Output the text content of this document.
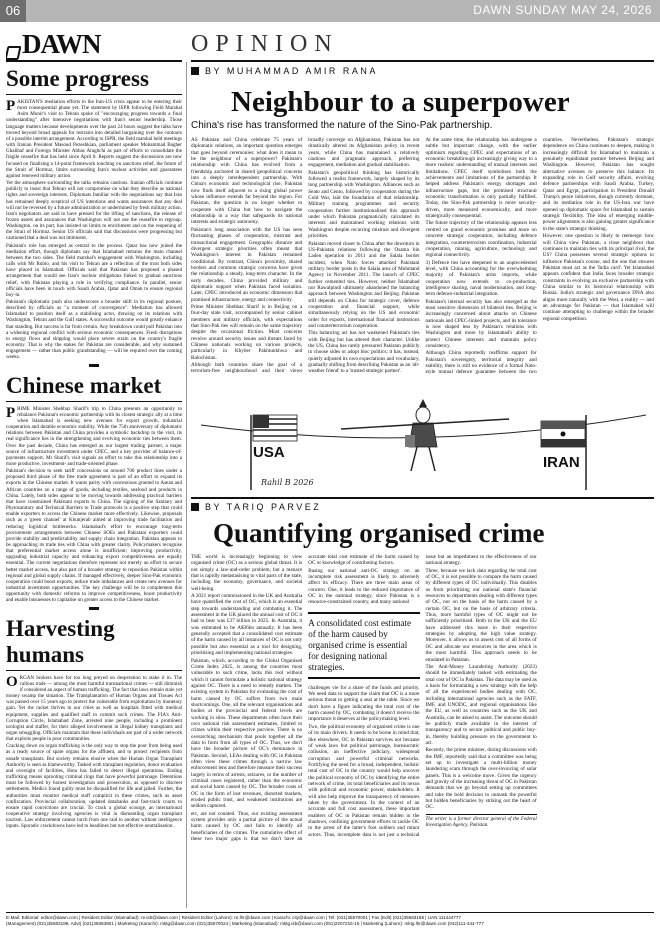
06	DAWN SUNDAY MAY 24, 2026
DAWN
Some progress
P AKISTAN'S mediation efforts in the Iran-US crisis appear to be entering their most consequential phase yet. The statement by ISPR following Field Marshal Asim Munir's visit to Tehran spoke of "encouraging progress towards a final understanding" after intensive negotiations with Iran's senior leadership. Those language matters because developments over the past 24 hours suggest the talks have moved beyond broad appeals for restraint into detailed bargaining over the contours of a possible interim arrangement. According to ISPR, the field marshal held meetings with Iranian President Masoud Pezeshkian, parliament speaker Mohammad Bagher Ghalibaf and Foreign Minister Abbas Araghchi as part of efforts to consolidate the fragile ceasefire that has held since April 8. Reports suggest the discussions are now focused on finalising a 14-point framework touching on sanctions relief, the future of the Strait of Hormuz, limits surrounding Iran's nuclear activities and guarantees against renewed military action.

Yet the atmosphere surrounding the talks remains cautious. Iranian officials continue publicly to insist that Tehran will not compromise on what they describe as national rights and sovereign interests. Diplomats familiar with the negotiations say that Iran has remained deeply sceptical of US intentions and wants assurances that any deal will not be reversed by a future administration or undermined by fresh military action. Iran's negotiators are said to have pressed for the lifting of sanctions, the release of frozen assets and assurances that Washington will not use the ceasefire to regroup. Washington, on its part, has insisted on limits to enrichment and on the reopening of the Strait of Hormuz. Senior US officials said that discussions were progressing but cautioned that a deal was not imminent.

Pakistan's role has emerged as central to the process. Qatar has now joined the mediation effort, though diplomats say that Islamabad remains the main channel between the two sides. The field marshal's engagement with Washington, including calls with Mr Rubio, and his visit to Tehran are a reflection of the trust both sides have placed in Islamabad. Officials said that Pakistan has proposed a phased arrangement that would see Iran's nuclear obligations linked to gradual sanctions relief, with Pakistan playing a role in verifying compliance. In parallel, senior officials have been in touch with Saudi Arabia, Qatar and Oman to ensure regional buy-in.

Pakistan's diplomatic push also underscores a broader shift in its regional posture, described by officials as "a moment of convergence". Mediation has allowed Islamabad to position itself as a stabilising actor, drawing on its relations with Washington, Tehran and the Gulf states. A successful outcome would greatly enhance that standing. But success is far from certain. Any breakdown could pull Pakistan into a widening regional conflict with serious economic consequences. Fresh disruptions to energy flows and shipping would place severe strain on the country's fragile economy. That is why the stakes for Pakistan are considerable, and why sustained engagement — rather than public grandstanding — will be required over the coming weeks.

Chinese market
P RIME Minister Shehbaz Sharif's trip to China presents an opportunity to rebalance Pakistan's economic partnership with its closest strategic ally at a time when Islamabad is seeking new avenues for export growth, industrial cooperation and durable economic stability. While the 75th anniversary of diplomatic relations between Pakistan and China provides a symbolic backdrop to the visit, its real significance lies in the strengthening and evolving economic ties between them. Over the past decade, China has emerged as our largest trading partner, a major source of infrastructure investment under CPEC, and a key provider of balance-of-payments support. Mr Sharif's visit signals an effort to take this relationship into a more productive, investment- and trade-oriented phase.

Pakistan's decision to seek tariff concessions on around 700 product lines under a proposed third phase of the free trade agreement is part of an effort to expand its exports in the Chinese market. It wants parity with concessions granted to Asean and African countries on a range of goods, including textiles, seafood and products in China. Lately, both sides appear to be moving towards addressing practical barriers that have constrained Pakistani exports to China. The signing of the Sanitary and Phytosanitary and Technical Barriers to Trade protocols is a positive step that could enable exporters to access the Chinese market more effectively. Likewise, proposals such as a 'green channel' at Khunjerab aimed at improving trade facilitation and reducing logistical bottlenecks. Islamabad's effort to encourage long-term procurement arrangements between Chinese SOEs and Pakistani exporters could provide stability and predictability and supply chain integration. Pakistan appears to be approaching its trade ties with China with greater clarity. Policymakers recognise that preferential market access alone is insufficient; improving productivity, upgrading industrial capacity and enhancing export competitiveness are equally essential. The current negotiations therefore represent not merely an effort to secure better market access, but also part of a broader strategy to reposition Pakistan within regional and global supply chains. If managed effectively, deeper Sino-Pak economic cooperation could boost exports, reduce trade imbalances and create new avenues for industrial investment opportunities. The key challenge will be to complement this opportunity with domestic reforms to improve competitiveness, boost productivity and enable businesses to capitalise on greater access to the Chinese market.

Harvesting humans
O RGAN brokers have for too long preyed on desperation to stake it in. The callous trade — among the most harmful transnational crimes — still diminish if considered an aspect of human trafficking. The fact that laws remain stale yet money swamp the situation. The Transplantation of Human Organs and Tissues Act was passed over 15 years ago to protect the vulnerable from exploitation by monetary gain. Yet the racket thrives in our cities as well as hospitals fitted with medical equipment, supplies and qualified staff to commit such crimes. The FIA's Anti-Corruption Circle, Islamabad Zone, arrested nine people, including a prominent urologist and staffer, for their alleged involvement in illegal kidney transplants and organ smuggling. Officials maintain that these individuals are part of a wider network that exploits people in poor communities.

Cracking down on organ trafficking is the only way to stop the poor from being used as a ready source of spare organs for the affluent, and to protect recipients from unsafe transplants. But society remains elusive when the Human Organ Transplant Authority is seen as blameworthy. Tasked with transplant regulation, donor evaluation and oversight of facilities, Hota has failed to detect illegal operations. Ending trafficking means uprooting criminal rings that have powerful patronage. Detentions must be followed by honest investigation and prosecution, as opposed to discreet settlements. Medics found guilty must be disqualified for life and jailed. Further, the authorities must monitor medical staff complicit in these crimes, such as asset confiscation. Provincial collaboration, updated databanks and fast-track courts to ensure rapid convictions are crucial. To crack a global scourge, an international cooperative strategy involving agencies is vital in dismantling organ transplant tourism. Law enforcement cannot lurch from one raid to another without intelligence inputs. Sporadic crackdowns have led to headlines but not effective neutralisation.

OPINION
BY MUHAMMAD AMIR RANA
Neighbour to a superpower
China's rise has transformed the nature of the Sino-Pak partnership.

AS Pakistan and China celebrate 75 years of diplomatic relations, an important question emerges that goes beyond ceremonies: what does it mean to be the neighbour of a superpower? Pakistan's relationship with China has evolved from a friendship anchored in shared geopolitical concerns into a deeply interdependent partnership. With China's economic and technological rise, Pakistan now finds itself adjacent to a rising global power whose influence extends far beyond the region. For Pakistan, the question is no longer whether to cooperate with China but how to navigate the relationship in a way that safeguards its national interests and strategic autonomy.

Pakistan's long association with the US has seen fluctuating phases of cooperation, mistrust and transactional engagement. Geographic distance and divergent strategic priorities often meant that Washington's interest in Pakistan remained conditional. By contrast, China's proximity, shared borders and common strategic concerns have given the relationship a steady, long-term character. In the early decades, China provided military and diplomatic support when Pakistan faced isolation. Later, CPEC introduced an economic dimension that promised infrastructure, energy and connectivity.

Prime Minister Shehbaz Sharif is in Beijing on a four-day state visit, accompanied by senior cabinet members and military officials, with expectations that Sino-Pak ties will remain on the same trajectory despite the occasional friction. Most concerns revolve around security issues and threats faced by Chinese nationals working on various projects, particularly in Khyber Pakhtunkhwa and Balochistan.

Although both countries share the goal of a terrorism-free neighbourhood and their views broadly converge on Afghanistan, Pakistan has not drastically altered its Afghanistan policy in recent years, while China has maintained a relatively cautious and pragmatic approach, preferring engagement, mediation and gradual stabilisation.

Pakistan's geopolitical thinking has historically followed a realist framework, largely shaped by its long partnership with Washington. Alliances such as Seato and Cento, followed by cooperation during the Cold War, laid the foundation of that relationship. Military training programmes and security cooperation further institutionalised this approach under which Pakistan pragmatically calculated its interests and maintained working relations with Washington despite recurring mistrust and divergent priorities.

Pakistan moved closer to China after the downturn in US-Pakistan relations following the Osama bin Laden operation in 2011 and the Salala border incident, when Nato forces attacked Pakistani military border posts in the Salala area of Mohmand Agency in November 2011. The launch of CPEC further cemented ties. However, neither Islamabad nor Rawalpindi ultimately abandoned the balancing approach between Washington and Beijing. Pakistan still depends on China for strategic cover, defence cooperation and financial support, while simultaneously relying on the US and economic order for exports, international financial institutions and counterterrorism cooperation.

This balancing act has not weakened Pakistan's ties with Beijing but has altered their character. Unlike the US, China has rarely pressured Pakistan publicly to choose sides or adopt bloc politics; it has, instead, quietly adjusted its own expectations and vocabulary, gradually shifting from describing Pakistan as an 'all-weather friend' to a 'trusted strategic partner'.

At the same time, the relationship has undergone a subtle but important change, with the earlier optimism regarding CPEC and expectations of an economic breakthrough increasingly giving way to a more realistic understanding of mutual interests and limitations. CPEC itself symbolises both the achievements and limitations of the partnership. It helped address Pakistan's energy shortages and infrastructure gaps, but the promised structural economic transformation is only partially fulfilled. Today, the Sino-Pak partnership is more security-driven, more measured economically, and more strategically consequential.

The future trajectory of the relationship appears less centred on grand economic promises and more on concrete strategic cooperation, including defence integration, counterterrorism coordination, industrial cooperation, mining, agriculture, technology and regional connectivity.

3) Defence ties have deepened to an unprecedented level, with China accounting for the overwhelming majority of Pakistan's arms imports, while cooperation now extends to co-production, intelligence sharing, naval modernisation, and long-term defence-industrial integration.

Pakistan's internal security has also emerged as the most sensitive dimension of bilateral ties. Beijing is increasingly concerned about attacks on Chinese nationals and CPEC-linked projects, and its tolerance is now shaped less by Pakistan's relations with Washington and more by Islamabad's ability to protect Chinese interests and maintain policy consistency.

Although China reportedly reaffirms support for Pakistan's sovereignty, territorial integrity and stability, there is still no evidence of a formal Nato-style mutual defence guarantee between the two countries. Nevertheless, Pakistan's strategic dependence on China continues to deepen, making it increasingly difficult for Islamabad to maintain a genuinely equidistant posture between Beijing and Washington. However, Pakistan has sought alternative avenues to preserve this balance. Its expanding role in Gulf security affairs, evolving defence partnerships with Saudi Arabia, Turkey, Qatar and Egypt, participation in President Donald Trump's peace initiatives, though currently dormant, and its mediation role in the US-Iran war have opened up diplomatic space for Islamabad to sustain strategic flexibility. The idea of emerging middle-power alignments is also gaining greater significance in the state's strategic thinking.

However, one question is likely to reemerge: how will China view Pakistan, a close neighbour that continues to maintain ties with its principal rival, the US? China possesses several strategic options to influence Pakistan's course, and the one that ensures Pakistan must act as the 'India card'. Yet Islamabad appears confident that India faces broader strategic constraints in evolving an exclusive partnership with China similar to its historical relationship with Russia. India's strategic and governance DNA also aligns more naturally with the West, a reality — and an advantage for Pakistan — that Islamabad will continue attempting to challenge within the broader regional competition.

USA
IRAN
Rahil B 2026
BY TARIQ PARVEZ
Quantifying organised crime

THE world is increasingly beginning to view organised crime (OC) as a serious global threat. It is not simply a law-and-order problem, but a menace that is rapidly metastasising to vital parts of the state, including the economy, governance, and societal well-being.

A 2021 report commissioned in the UK and Australia have quantified the cost of OC, which is an essential step towards understanding and combating it. The assessment in the UK placed the annual cost of OC it had to bear was £37 billion in 2025. In Australia, it was estimated to be A$36bn annually. It has been generally accepted that a consolidated cost estimate of the harm caused by all instances of OC is not only possible but also essential as a tool for designing, prioritising and implementing national strategies.

Pakistan, which, according to the Global Organised Crime Index 2025, is among the countries most vulnerable to such crime, lacks this tool without which it cannot formulate a holistic national strategy against OC. There is a need to remedy matters. The existing system in Pakistan for evaluating the cost of harm caused by OC suffers from two main shortcomings. One, all the relevant organisations and bodies at the provincial and federal levels are working in silos. These departments often have their own national risk assessment estimates, limited to crimes within their respective purview. There is no overarching mechanism that pools together all the data to form from all types of OC. Thus, we don't have the broader picture of OC's dominance in Pakistan. Second, LEAs dealing with OC in Pakistan often view these crimes through a narrow law enforcement lens and therefore measure their success largely in terms of arrests, seizures, or the number of criminal cases registered, rather than the economic and social harm caused by OC. The broader costs of OC in the form of lost revenues, distorted markets, eroded public trust, and weakened institutions are seldom captured.

etc, are not counted. Thus, our existing assessment system provides only a partial picture of the actual harm caused by OC and fails to identify all beneficiaries of the crimes. The cumulative effect of these two major gaps is that we don't have an accurate total cost estimate of the harm caused by OC or knowledge of contributing factors.

Basing our national anti-OC strategy on an incomplete risk assessment is likely to adversely affect its efficacy. There are three main areas of concern. One, it leads to the reduced importance of OC in the national strategy, since Pakistan is a resource-constrained country, and many national

A consolidated cost estimate of the harm caused by organised crime is essential for designing national strategies.

challenges vie for a share of the funds and priority. We need data to support the claim that OC is a more serious threat to getting a seat at the table. Since we don't have a figure indicating the total cost of the harm caused by OC, combating it doesn't receive the importance it deserves at the policymaking level.

Two, the political economy of organised crime is one of its main drivers. It needs to be borne in mind that, like elsewhere, OC in Pakistan survives not because of weak laws but political patronage, bureaucratic collusion, an ineffective judiciary, widespread corruption and powerful criminal networks. Fortifying the need for a broad, independent, holistic total cost of OC in the country would help uncover the political economy of OC by identifying the entire network of crime, its total beneficiaries and its nexus with political and economic power, stakeholders. It will also help improve the transparency of measures taken by the government. In the context of an accurate and full cost assessment, these important enablers of OC in Pakistan remain hidden in the shadows, confining government efforts to tackle OC to the arrest of the latter's foot soldiers and minor actors. Thus, incomplete data is not just a technical issue but an impediment to the effectiveness of our national strategy.

Three, because we lack data regarding the total cost of OC, it is not possible to compare the harm caused by different types of OC individually. This disables us from prioritising our national state's financial resources to departments dealing with different types of OC, nor on the basis of the harm caused by a certain OC, but on the basis of arbitrary criteria. Thus, more harmful types of OC might not be sufficiently prioritised. Both in the UK and the EU have addressed this issue in their respective strategies by adopting the high value strategy. Moreover, it allows us to assess cost of all forms of OC and allocate our resources in the area which is the most harmful. This approach needs to be emulated in Pakistan.

The Anti-Money Laundering Authority (2023) should be immediately tasked with estimating the total cost of OC in Pakistan. The data may be used as a basis for formulating a new strategy with the help of all the experienced bodies dealing with OC, including international agencies such as the FATF, IMF, and UNODC, and regional organisations like the EU, as well as countries such as the UK and Australia, can be asked to assist. The outcome should be publicly made available in the interest of transparency and to secure political and public buy-in, thereby building pressure on the government to act.

Recently, the prime minister, during discussions with the IMF, reportedly said that a committee was being set up to investigate a multi-billion money laundering scam through the over-invoicing of solar panels. This is a welcome move. Given the urgency and gravity of the increasing threat of OC in Pakistan demands that we go beyond setting up committees and take the bold decision to unmask the powerful but hidden beneficiaries by striking out the heart of OC.

The writer is a former director general of the Federal Investigation Agency, Pakistan.
E-Mail: Editorial: editor@dawn.com | Resident Editor (Islamabad): re.isb@dawn.com | Resident Editor (Lahore): re.lhr@dawn.com | Karachi: city@dawn.com | Tel: (021)35670001 | Fax (Edit) (021)35683188 | UAN 111444777
(Management) (021)35683189, Advt) (021)35683801 | Marketing (Karachi): mktg@dawn.com (021)35670024 | Marketing (Islamabad): mktg.isb@dawn.com (051)2207215-16 | Marketing (Lahore): mktg.lhr@dawn.com (042)111-444-777
